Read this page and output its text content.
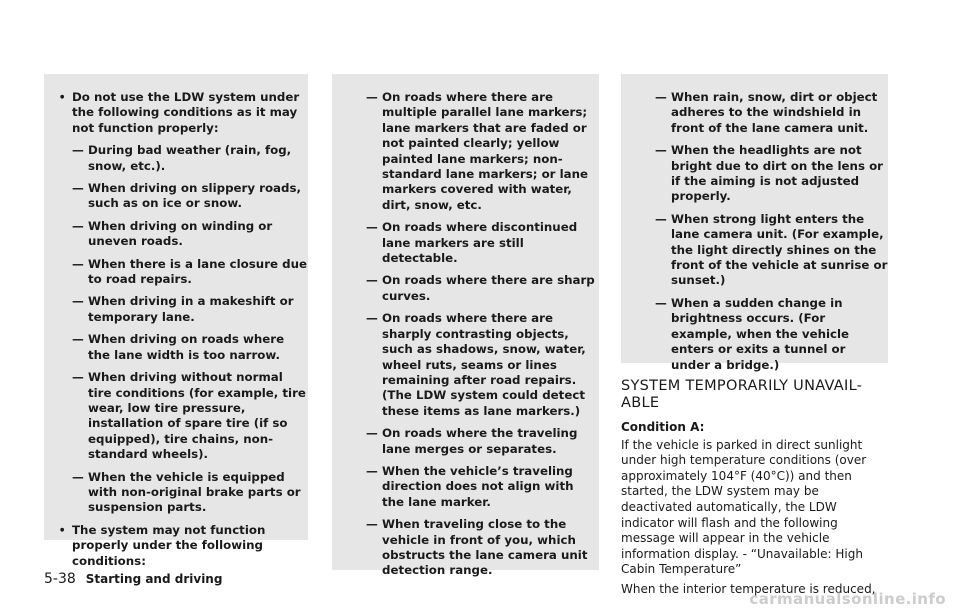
● Do not use the LDW system under the following conditions as it may not function properly:

— During bad weather (rain, fog, snow, etc.).

— When driving on slippery roads, such as on ice or snow.

— When driving on winding or uneven roads.

— When there is a lane closure due to road repairs.

— When driving in a makeshift or temporary lane.

— When driving on roads where the lane width is too narrow.

— When driving without normal tire conditions (for example, tire wear, low tire pressure, installation of spare tire (if so equipped), tire chains, non-standard wheels).

— When the vehicle is equipped with non-original brake parts or suspension parts.

● The system may not function properly under the following conditions:

— On roads where there are multiple parallel lane markers; lane markers that are faded or not painted clearly; yellow painted lane markers; non-standard lane markers; or lane markers covered with water, dirt, snow, etc.

— On roads where discontinued lane markers are still detectable.

— On roads where there are sharp curves.

— On roads where there are sharply contrasting objects, such as shadows, snow, water, wheel ruts, seams or lines remaining after road repairs. (The LDW system could detect these items as lane markers.)

— On roads where the traveling lane merges or separates.

— When the vehicle’s traveling direction does not align with the lane marker.

— When traveling close to the vehicle in front of you, which obstructs the lane camera unit detection range.

— When rain, snow, dirt or object adheres to the windshield in front of the lane camera unit.

— When the headlights are not bright due to dirt on the lens or if the aiming is not adjusted properly.

— When strong light enters the lane camera unit. (For example, the light directly shines on the front of the vehicle at sunrise or sunset.)

— When a sudden change in brightness occurs. (For example, when the vehicle enters or exits a tunnel or under a bridge.)

SYSTEM TEMPORARILY UNAVAIL-ABLE

Condition A:

If the vehicle is parked in direct sunlight under high temperature conditions (over approximately 104°F (40°C)) and then started, the LDW system may be deactivated automatically, the LDW indicator will flash and the following message will appear in the vehicle information display. - “Unavailable: High Cabin Temperature”

When the interior temperature is reduced,

5-38 Starting and driving
carmanualsonline.info
